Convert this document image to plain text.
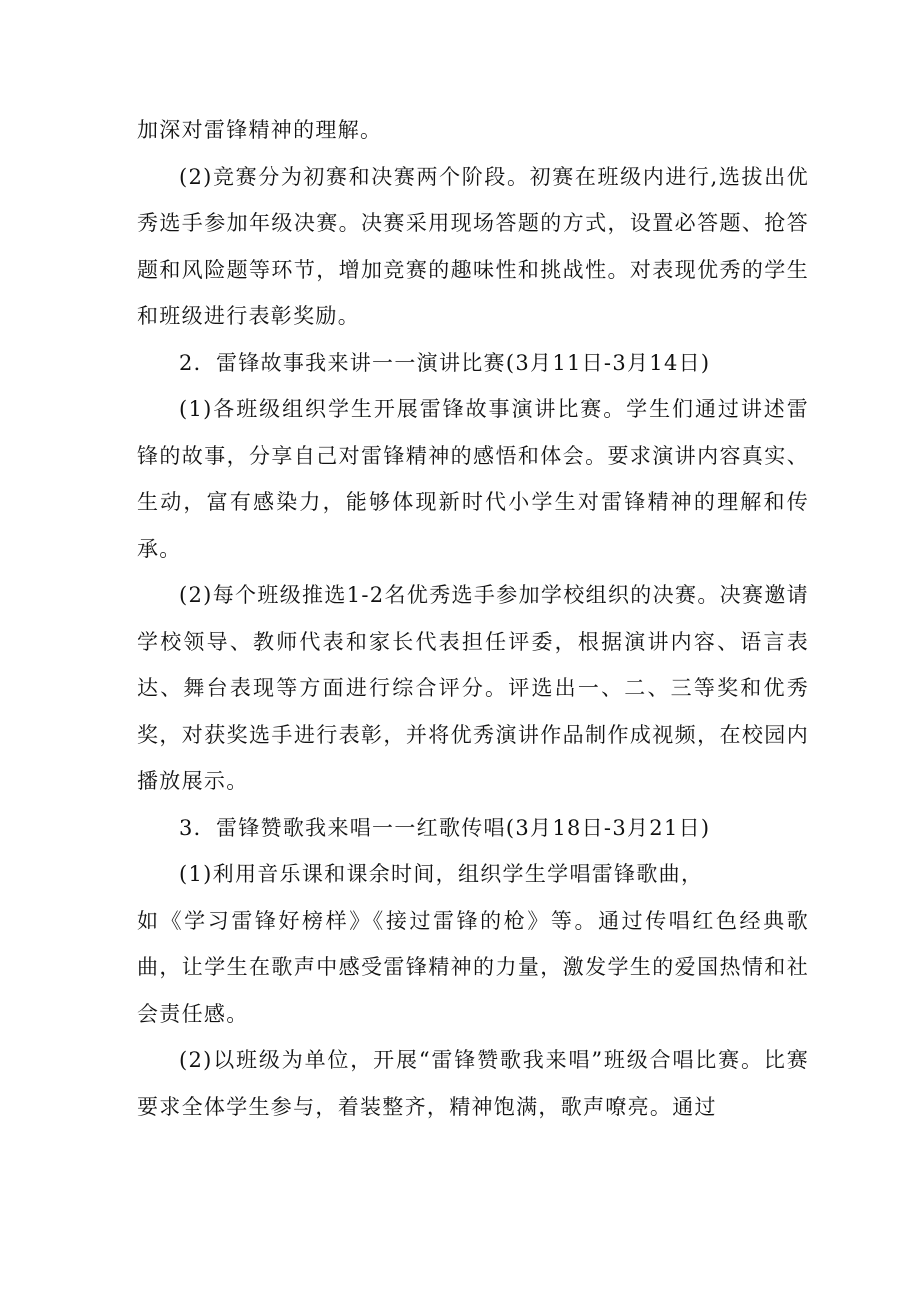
加深对雷锋精神的理解。

(2)竞赛分为初赛和决赛两个阶段。初赛在班级内进行,选拔出优秀选手参加年级决赛。决赛采用现场答题的方式，设置必答题、抢答题和风险题等环节，增加竞赛的趣味性和挑战性。对表现优秀的学生和班级进行表彰奖励。

2．雷锋故事我来讲一一演讲比赛(3月11日-3月14日)

(1)各班级组织学生开展雷锋故事演讲比赛。学生们通过讲述雷锋的故事，分享自己对雷锋精神的感悟和体会。要求演讲内容真实、生动，富有感染力，能够体现新时代小学生对雷锋精神的理解和传承。

(2)每个班级推选1-2名优秀选手参加学校组织的决赛。决赛邀请学校领导、教师代表和家长代表担任评委，根据演讲内容、语言表达、舞台表现等方面进行综合评分。评选出一、二、三等奖和优秀奖，对获奖选手进行表彰，并将优秀演讲作品制作成视频，在校园内播放展示。

3．雷锋赞歌我来唱一一红歌传唱(3月18日-3月21日)

(1)利用音乐课和课余时间，组织学生学唱雷锋歌曲，

如《学习雷锋好榜样》《接过雷锋的枪》等。通过传唱红色经典歌曲，让学生在歌声中感受雷锋精神的力量，激发学生的爱国热情和社会责任感。

(2)以班级为单位，开展“雷锋赞歌我来唱”班级合唱比赛。比赛要求全体学生参与，着装整齐，精神饱满，歌声嘹亮。通过
